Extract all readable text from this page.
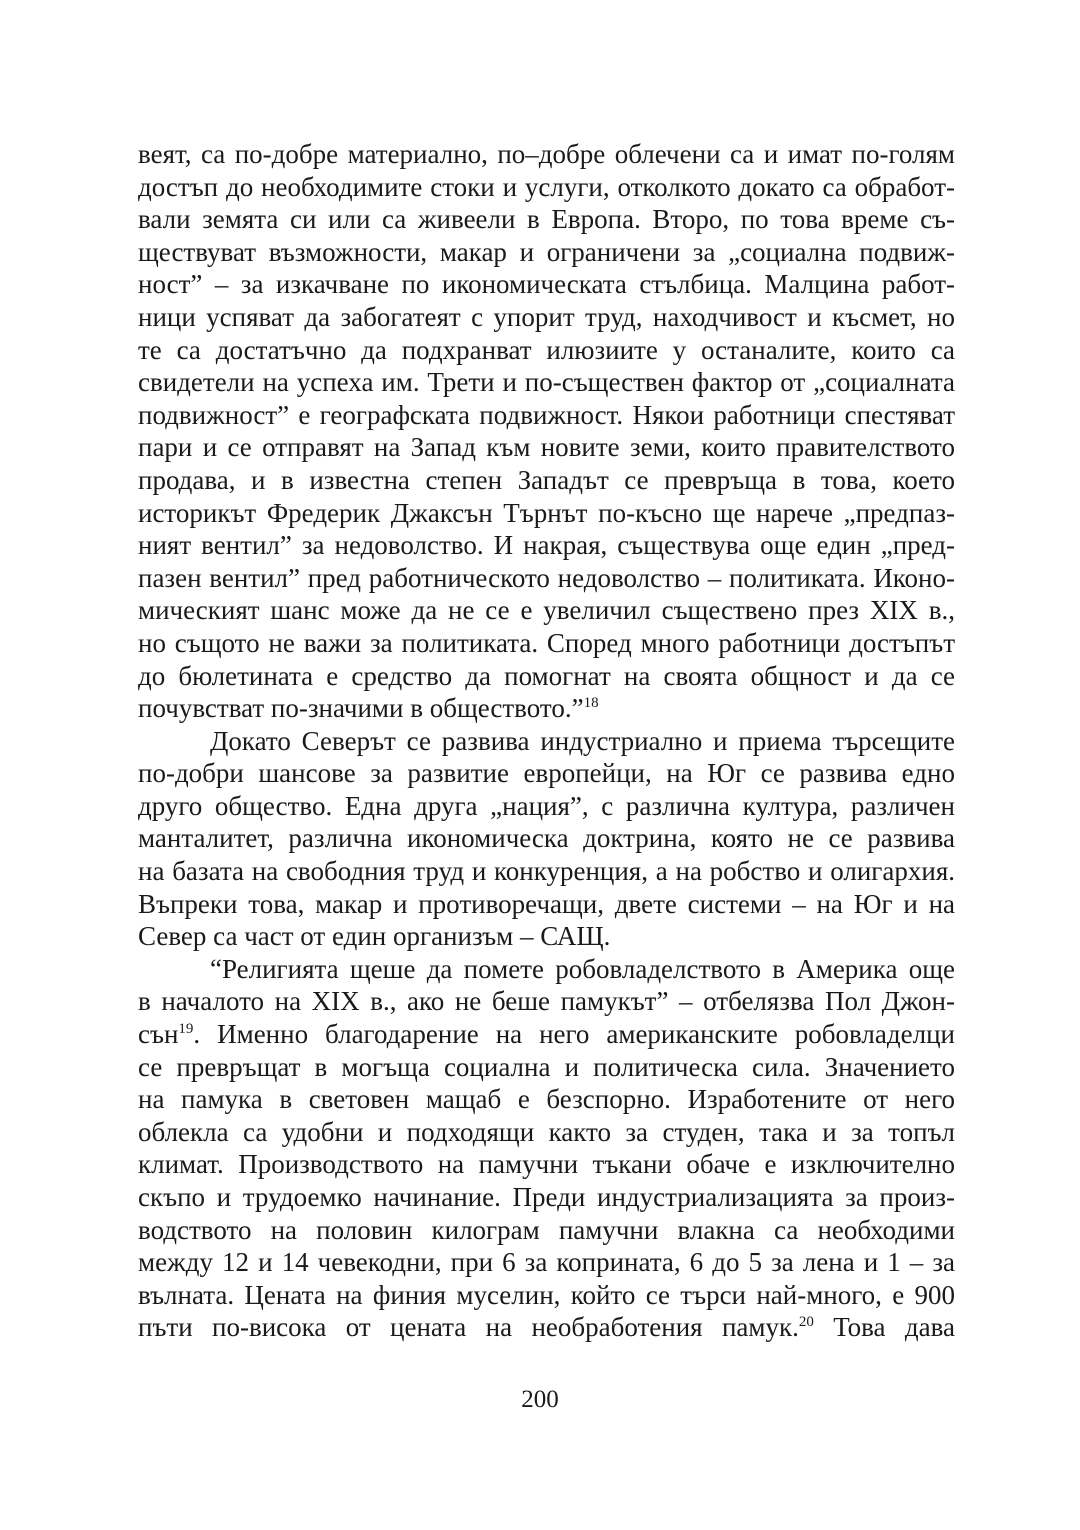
веят, са по-добре материално, по–добре облечени са и имат по-голям
достъп до необходимите стоки и услуги, отколкото докато са обработ-
вали земята си или са живеели в Европа. Второ, по това време съ-
ществуват възможности, макар и ограничени за „социална подвиж-
ност” – за изкачване по икономическата стълбица. Малцина работ-
ници успяват да забогатеят с упорит труд, находчивост и късмет, но
те са достатъчно да подхранват илюзиите у останалите, които са
свидетели на успеха им. Трети и по-съществен фактор от „социалната
подвижност” е географската подвижност. Някои работници спестяват
пари и се отправят на Запад към новите земи, които правителството
продава, и в известна степен Западът се превръща в това, което
историкът Фредерик Джаксън Търнът по-късно ще нарече „предпаз-
ният вентил” за недоволство. И накрая, съществува още един „пред-
пазен вентил” пред работническото недоволство – политиката. Иконо-
мическият шанс може да не се е увеличил съществено през XIX в.,
но същото не важи за политиката. Според много работници достъпът
до бюлетината е средство да помогнат на своята общност и да се
почувстват по-значими в обществото.”$^{18}$
Докато Северът се развива индустриално и приема търсещите
по-добри шансове за развитие европейци, на Юг се развива едно
друго общество. Една друга „нация”, с различна култура, различен
манталитет, различна икономическа доктрина, която не се развива
на базата на свободния труд и конкуренция, а на робство и олигархия.
Въпреки това, макар и противоречащи, двете системи – на Юг и на
Север са част от един организъм – САЩ.
“Религията щеше да помете робовладелството в Америка още
в началото на XIX в., ако не беше памукът” – отбелязва Пол Джон-
сън$^{19}$. Именно благодарение на него американските робовладелци
се превръщат в могъща социална и политическа сила. Значението
на памука в световен мащаб е безспорно. Изработените от него
облекла са удобни и подходящи както за студен, така и за топъл
климат. Производството на памучни тъкани обаче е изключително
скъпо и трудоемко начинание. Преди индустриализацията за произ-
водството на половин килограм памучни влакна са необходими
между 12 и 14 чевекодни, при 6 за коприната, 6 до 5 за лена и 1 – за
вълната. Цената на финия муселин, който се търси най-много, е 900
пъти по-висока от цената на необработения памук.$^{20}$ Това дава
200
